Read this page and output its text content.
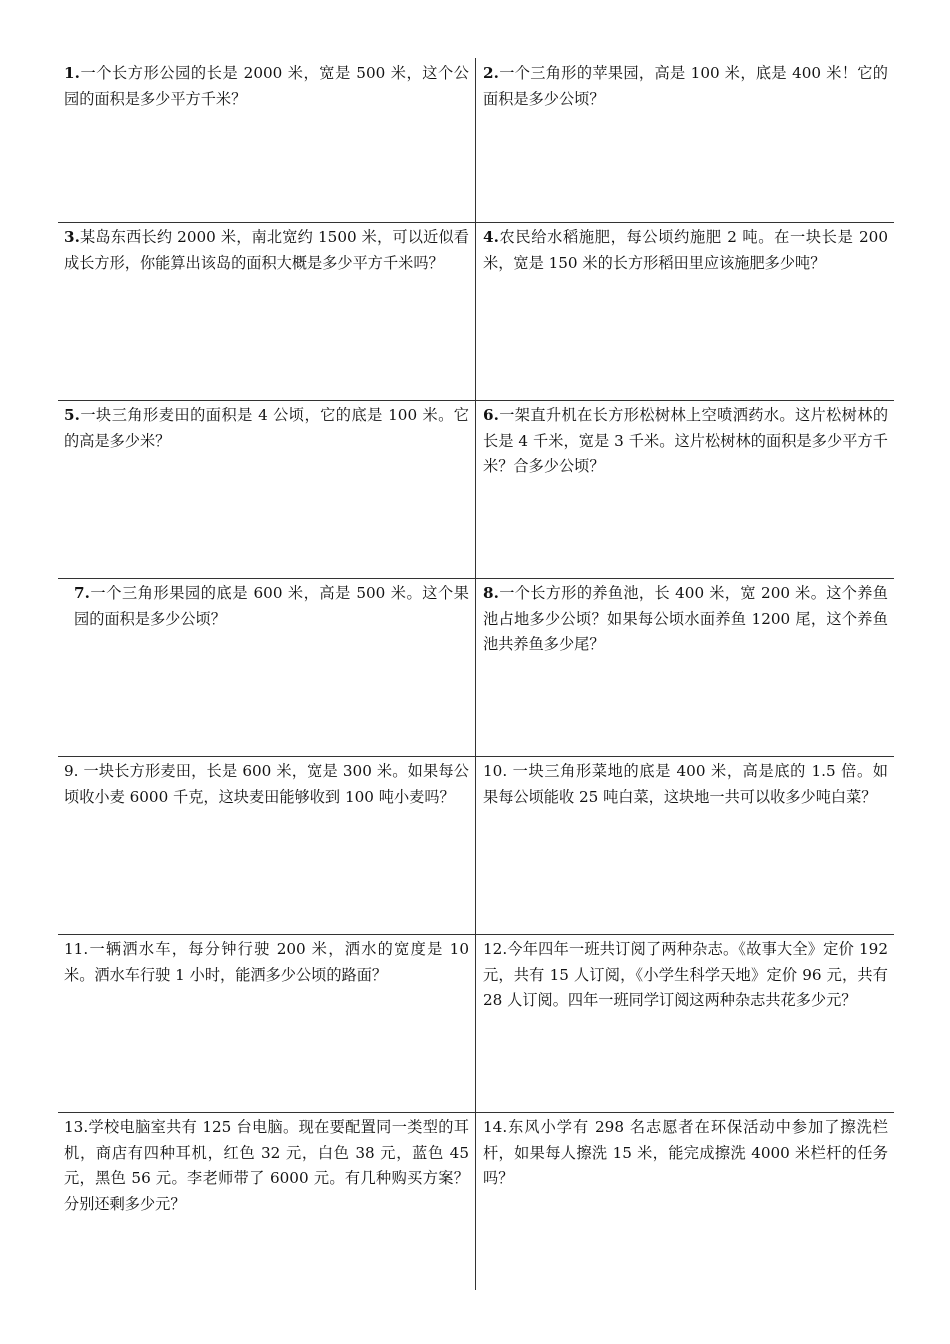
1.一个长方形公园的长是 2000 米，宽是 500 米，这个公园的面积是多少平方千米？
2.一个三角形的苹果园，高是 100 米，底是 400 米！它的面积是多少公顷？
3.某岛东西长约 2000 米，南北宽约 1500 米，可以近似看成长方形，你能算出该岛的面积大概是多少平方千米吗？
4.农民给水稻施肥，每公顷约施肥 2 吨。在一块长是 200 米，宽是 150 米的长方形稻田里应该施肥多少吨？
5.一块三角形麦田的面积是 4 公顷，它的底是 100 米。它的高是多少米？
6.一架直升机在长方形松树林上空喷洒药水。这片松树林的长是 4 千米，宽是 3 千米。这片松树林的面积是多少平方千米？合多少公顷？
7.一个三角形果园的底是 600 米，高是 500 米。这个果园的面积是多少公顷？
8.一个长方形的养鱼池，长 400 米，宽 200 米。这个养鱼池占地多少公顷？如果每公顷水面养鱼 1200 尾，这个养鱼池共养鱼多少尾？
9. 一块长方形麦田，长是 600 米，宽是 300 米。如果每公顷收小麦 6000 千克，这块麦田能够收到 100 吨小麦吗？
10. 一块三角形菜地的底是 400 米，高是底的 1.5 倍。如果每公顷能收 25 吨白菜，这块地一共可以收多少吨白菜？
11.一辆洒水车，每分钟行驶 200 米，洒水的宽度是 10 米。洒水车行驶 1 小时，能洒多少公顷的路面？
12.今年四年一班共订阅了两种杂志。《故事大全》定价 192 元，共有 15 人订阅，《小学生科学天地》定价 96 元，共有 28 人订阅。四年一班同学订阅这两种杂志共花多少元？
13.学校电脑室共有 125 台电脑。现在要配置同一类型的耳机，商店有四种耳机，红色 32 元，白色 38 元，蓝色 45 元，黑色 56 元。李老师带了 6000 元。有几种购买方案？分别还剩多少元？
14.东风小学有 298 名志愿者在环保活动中参加了擦洗栏杆，如果每人擦洗 15 米，能完成擦洗 4000 米栏杆的任务吗？
